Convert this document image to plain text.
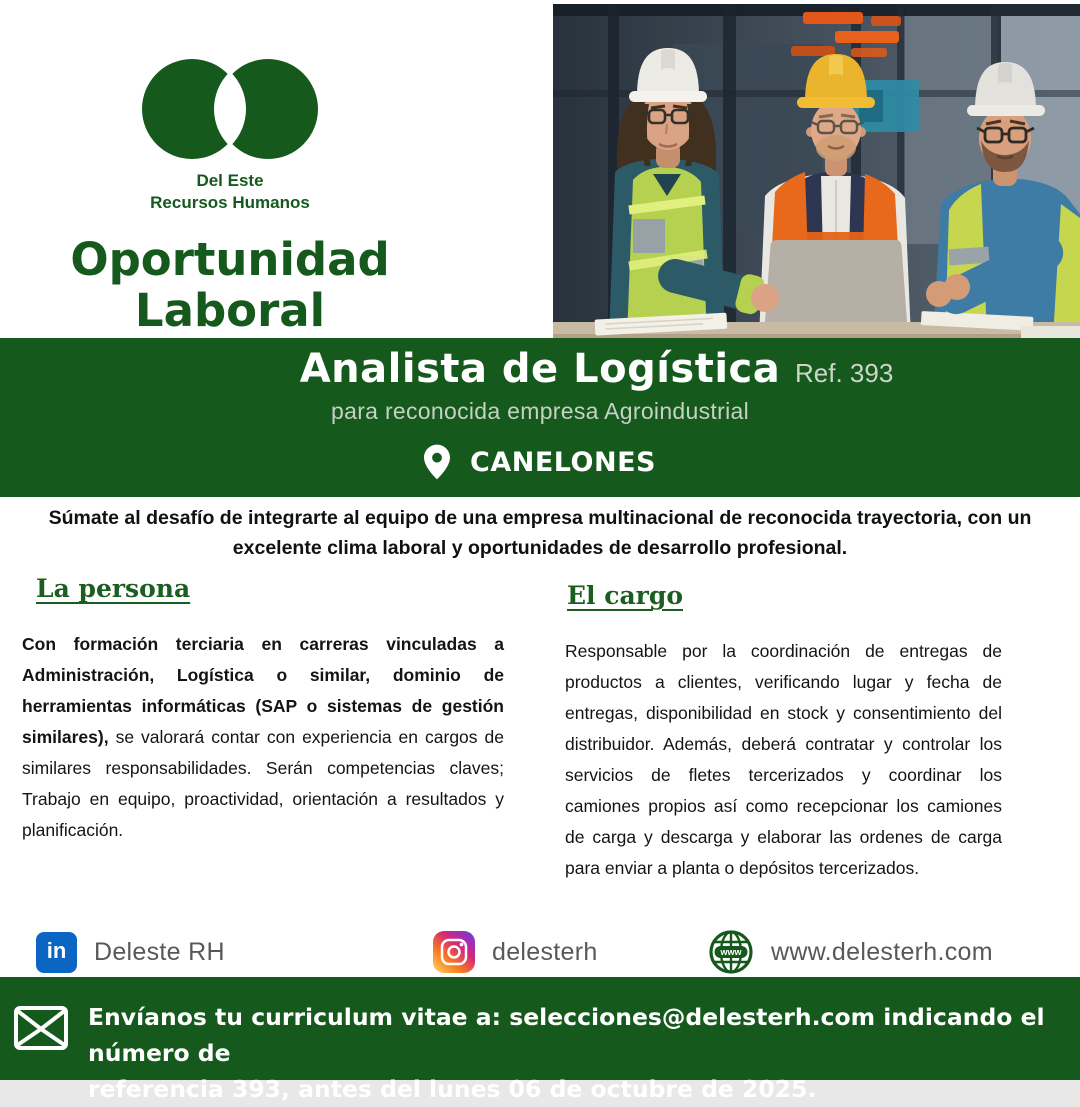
Del Este
Recursos Humanos
Oportunidad
Laboral
Analista de Logística Ref. 393
para reconocida empresa Agroindustrial
CANELONES
Súmate al desafío de integrarte al equipo de una empresa multinacional de reconocida trayectoria, con un excelente clima laboral y oportunidades de desarrollo profesional.
La persona

Con formación terciaria en carreras vinculadas a Administración, Logística o similar, dominio de herramientas informáticas (SAP o sistemas de gestión similares), se valorará contar con experiencia en cargos de similares responsabilidades. Serán competencias claves; Trabajo en equipo, proactividad, orientación a resultados y planificación.

El cargo

Responsable por la coordinación de entregas de productos a clientes, verificando lugar y fecha de entregas, disponibilidad en stock y consentimiento del distribuidor. Además, deberá contratar y controlar los servicios de fletes tercerizados y coordinar los camiones propios así como recepcionar los camiones de carga y descarga y elaborar las ordenes de carga para enviar a planta o depósitos tercerizados.

in	Deleste RH	delesterh	www www.delesterh.com
Envíanos tu curriculum vitae a: selecciones@delesterh.com indicando el número de
referencia 393, antes del lunes 06 de octubre de 2025.
